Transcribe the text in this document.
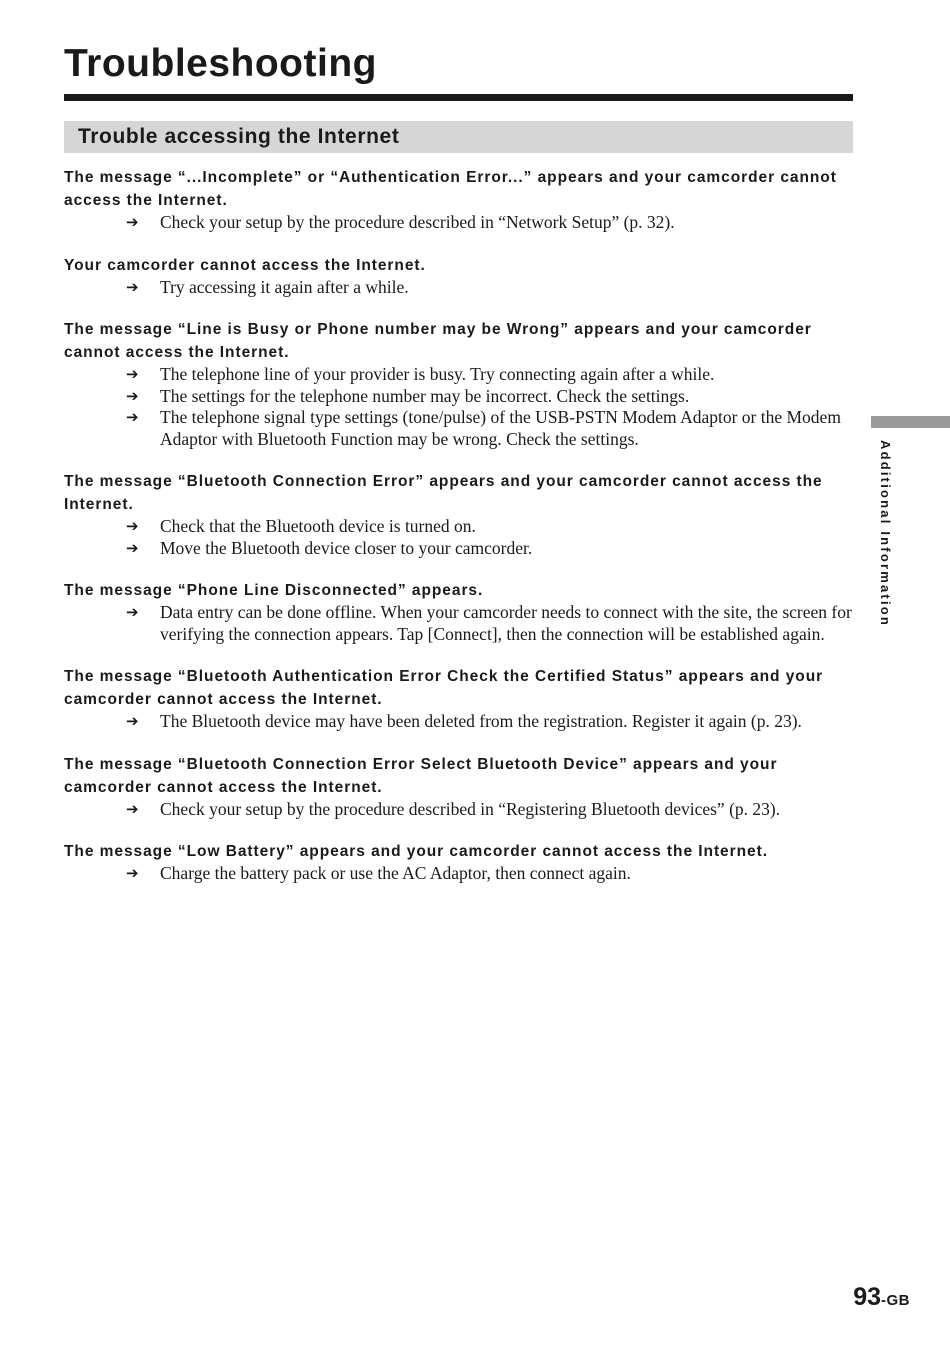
Troubleshooting
Trouble accessing the Internet

The message “...Incomplete” or “Authentication Error...” appears and your camcorder cannot access the Internet.

➔ Check your setup by the procedure described in “Network Setup” (p. 32).

Your camcorder cannot access the Internet.

➔ Try accessing it again after a while.

The message “Line is Busy or Phone number may be Wrong” appears and your camcorder cannot access the Internet.

➔ The telephone line of your provider is busy. Try connecting again after a while.

➔ The settings for the telephone number may be incorrect. Check the settings.

➔ The telephone signal type settings (tone/pulse) of the USB-PSTN Modem Adaptor or the Modem Adaptor with Bluetooth Function may be wrong. Check the settings.

The message “Bluetooth Connection Error” appears and your camcorder cannot access the Internet.

➔ Check that the Bluetooth device is turned on.

➔ Move the Bluetooth device closer to your camcorder.

The message “Phone Line Disconnected” appears.

➔ Data entry can be done offline. When your camcorder needs to connect with the site, the screen for verifying the connection appears. Tap [Connect], then the connection will be established again.

The message “Bluetooth Authentication Error Check the Certified Status” appears and your camcorder cannot access the Internet.

➔ The Bluetooth device may have been deleted from the registration. Register it again (p. 23).

The message “Bluetooth Connection Error Select Bluetooth Device” appears and your camcorder cannot access the Internet.

➔ Check your setup by the procedure described in “Registering Bluetooth devices” (p. 23).

The message “Low Battery” appears and your camcorder cannot access the Internet.

➔ Charge the battery pack or use the AC Adaptor, then connect again.

Additional Information
93-GB
